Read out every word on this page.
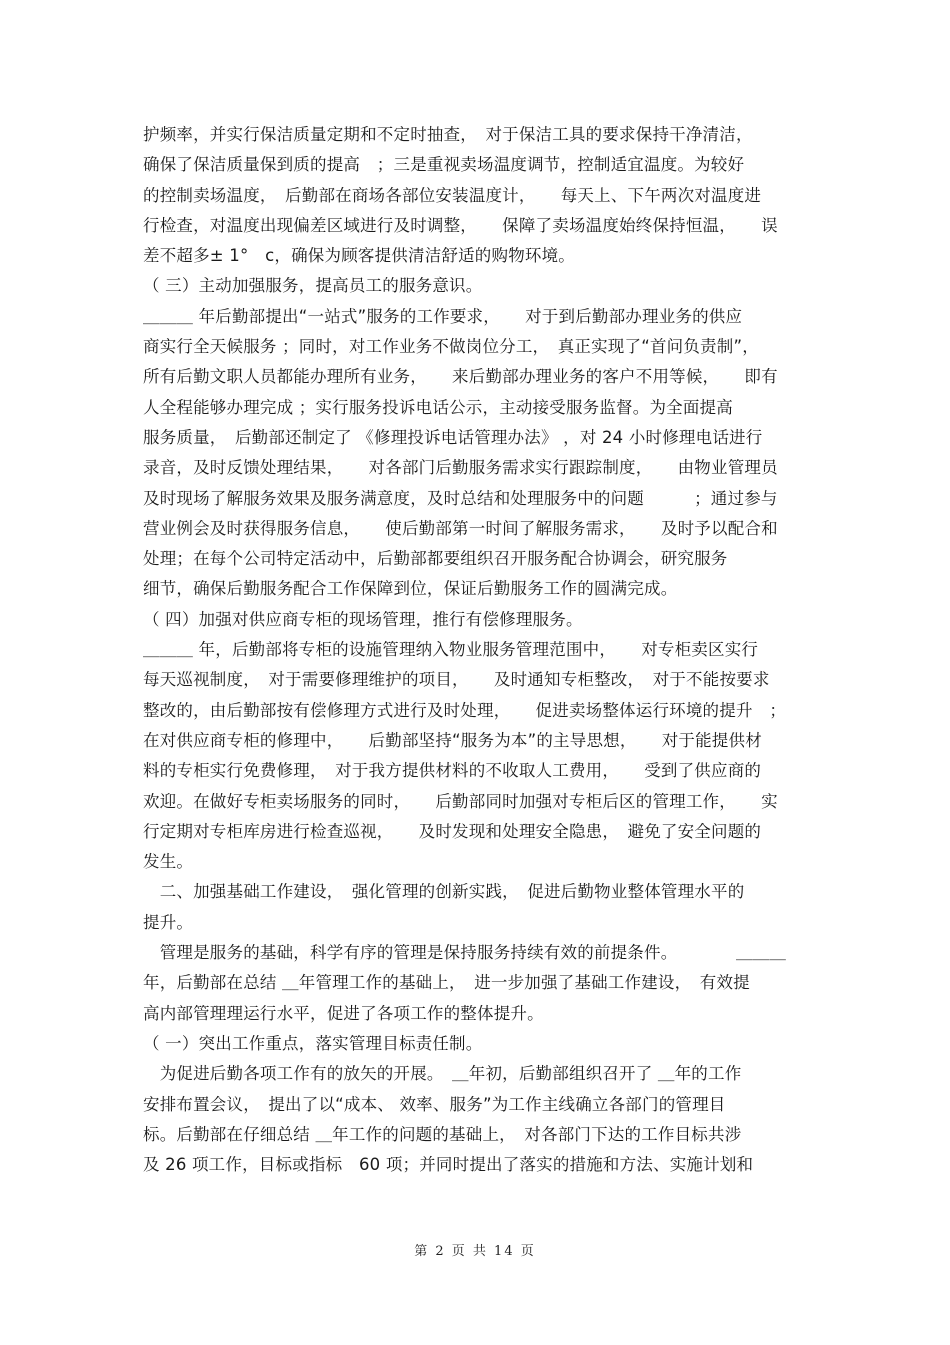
护频率，并实行保洁质量定期和不定时抽查，　对于保洁工具的要求保持干净清洁，
确保了保洁质量保到质的提高　；三是重视卖场温度调节，控制适宜温度。为较好
的控制卖场温度，　后勤部在商场各部位安装温度计，　　每天上、下午两次对温度进
行检查，对温度出现偏差区域进行及时调整，　　保障了卖场温度始终保持恒温，　　误
差不超多± 1°　c，确保为顾客提供清洁舒适的购物环境。
（ 三）主动加强服务，提高员工的服务意识。
＿＿＿ 年后勤部提出“一站式”服务的工作要求，　　对于到后勤部办理业务的供应
商实行全天候服务 ；同时，对工作业务不做岗位分工，　真正实现了“首问负责制”，
所有后勤文职人员都能办理所有业务，　　来后勤部办理业务的客户不用等候，　　即有
人全程能够办理完成 ；实行服务投诉电话公示，主动接受服务监督。为全面提高
服务质量，　后勤部还制定了 《修理投诉电话管理办法》 ，对 24 小时修理电话进行
录音，及时反馈处理结果，　　对各部门后勤服务需求实行跟踪制度，　　由物业管理员
及时现场了解服务效果及服务满意度，及时总结和处理服务中的问题　　　；通过参与
营业例会及时获得服务信息，　　使后勤部第一时间了解服务需求，　　及时予以配合和
处理；在每个公司特定活动中，后勤部都要组织召开服务配合协调会，研究服务
细节，确保后勤服务配合工作保障到位，保证后勤服务工作的圆满完成。
（ 四）加强对供应商专柜的现场管理，推行有偿修理服务。
＿＿＿ 年，后勤部将专柜的设施管理纳入物业服务管理范围中，　　对专柜卖区实行
每天巡视制度，　对于需要修理维护的项目，　　及时通知专柜整改，　对于不能按要求
整改的，由后勤部按有偿修理方式进行及时处理，　　促进卖场整体运行环境的提升　；
在对供应商专柜的修理中，　　后勤部坚持“服务为本”的主导思想，　　对于能提供材
料的专柜实行免费修理，　对于我方提供材料的不收取人工费用，　　受到了供应商的
欢迎。在做好专柜卖场服务的同时，　　后勤部同时加强对专柜后区的管理工作，　　实
行定期对专柜库房进行检查巡视，　　及时发现和处理安全隐患，　避免了安全问题的
发生。
　二、加强基础工作建设，　强化管理的创新实践，　促进后勤物业整体管理水平的
提升。
　管理是服务的基础，科学有序的管理是保持服务持续有效的前提条件。　　　　＿＿＿
年，后勤部在总结 ＿年管理工作的基础上，　进一步加强了基础工作建设，　有效提
高内部管理理运行水平，促进了各项工作的整体提升。
（ 一）突出工作重点，落实管理目标责任制。
　为促进后勤各项工作有的放矢的开展。　＿年初，后勤部组织召开了 ＿年的工作
安排布置会议，　提出了以“成本、 效率、服务”为工作主线确立各部门的管理目
标。后勤部在仔细总结 ＿年工作的问题的基础上，　对各部门下达的工作目标共涉
及 26 项工作，目标或指标　60 项；并同时提出了落实的措施和方法、实施计划和
第 2 页 共 14 页
